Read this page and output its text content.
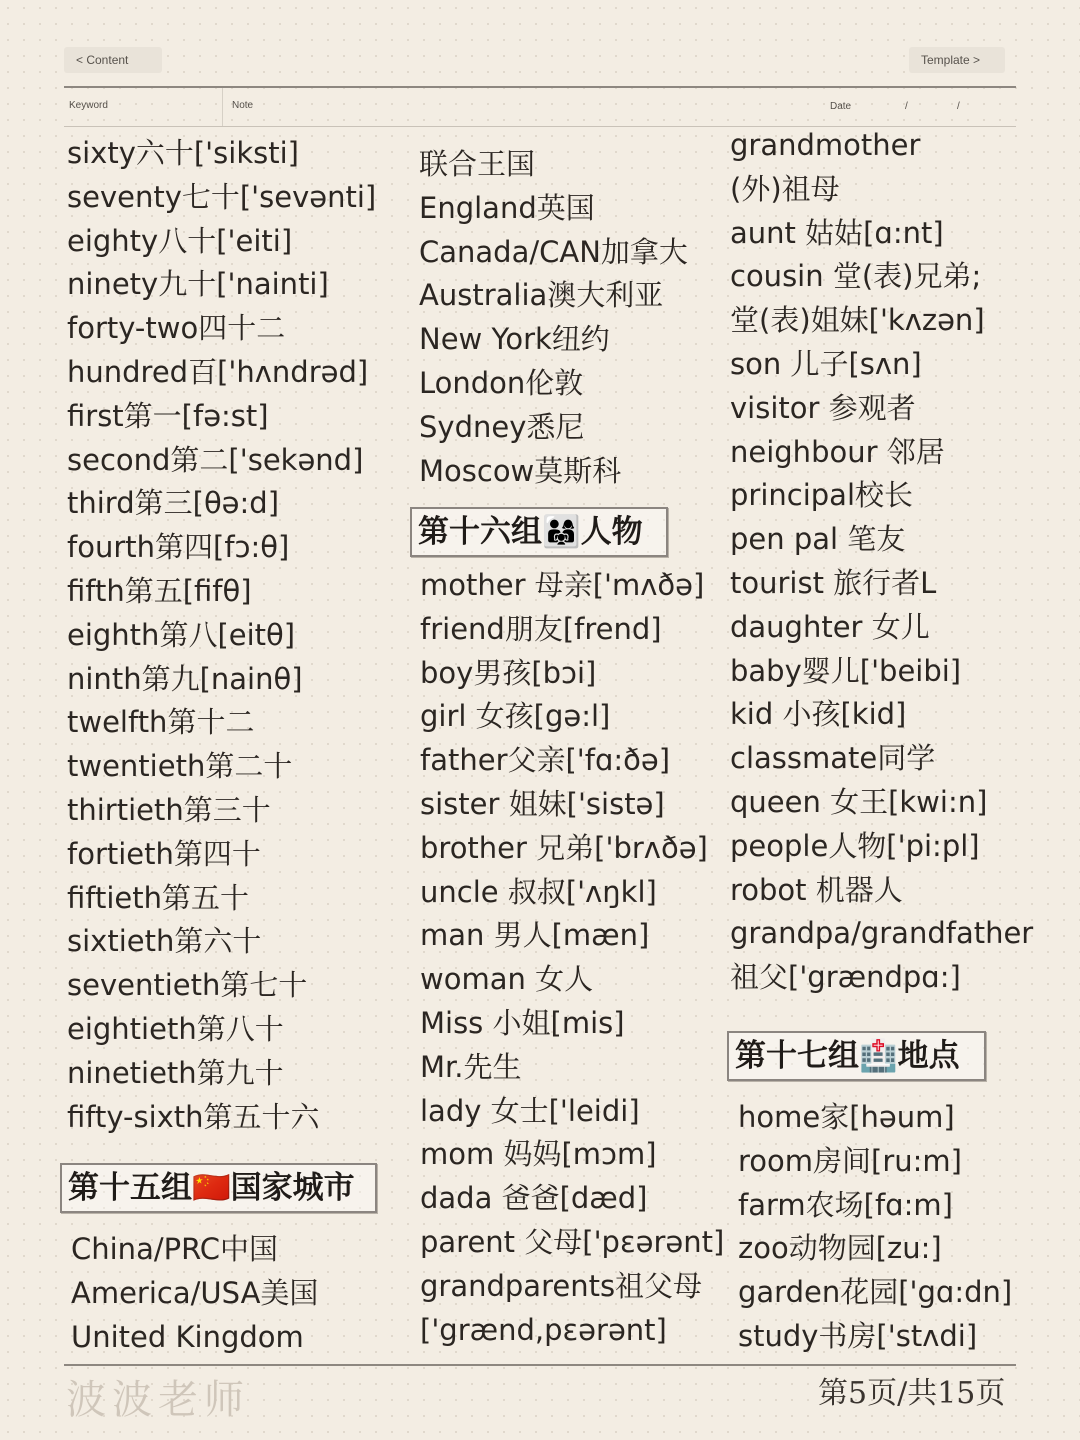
< Content	Template >
Keyword	Note	Date	/	/
sixty六十['siksti]
seventy七十['sevənti]
eighty八十['eiti]
ninety九十['nainti]
forty-two四十二
hundred百['hʌndrəd]
first第一[fə:st]
second第二['sekənd]
third第三[θə:d]
fourth第四[fɔ:θ]
fifth第五[fifθ]
eighth第八[eitθ]
ninth第九[nainθ]
twelfth第十二
twentieth第二十
thirtieth第三十
fortieth第四十
fiftieth第五十
sixtieth第六十
seventieth第七十
eightieth第八十
ninetieth第九十
fifty-sixth第五十六
第十五组🇨🇳国家城市
China/PRC中国
America/USA美国
United Kingdom
联合王国
England英国
Canada/CAN加拿大
Australia澳大利亚
New York纽约
London伦敦
Sydney悉尼
Moscow莫斯科
第十六组👨‍👩‍👧人物
mother 母亲['mʌðə]
friend朋友[frend]
boy男孩[bɔi]
girl 女孩[gə:l]
father父亲['fɑ:ðə]
sister 姐妹['sistə]
brother 兄弟['brʌðə]
uncle 叔叔['ʌŋkl]
man 男人[mæn]
woman 女人
Miss 小姐[mis]
Mr.先生
lady 女士['leidi]
mom 妈妈[mɔm]
dada 爸爸[dæd]
parent 父母['pɛərənt]
grandparents祖父母
['grænd,pɛərənt]
grandmother
(外)祖母
aunt 姑姑[ɑ:nt]
cousin 堂(表)兄弟;
堂(表)姐妹['kʌzən]
son 儿子[sʌn]
visitor 参观者
neighbour 邻居
principal校长
pen pal 笔友
tourist 旅行者L
daughter 女儿
baby婴儿['beibi]
kid 小孩[kid]
classmate同学
queen 女王[kwi:n]
people人物['pi:pl]
robot 机器人
grandpa/grandfather
祖父['grændpɑ:]
第十七组🏥地点
home家[həum]
room房间[ru:m]
farm农场[fɑ:m]
zoo动物园[zu:]
garden花园['gɑ:dn]
study书房['stʌdi]
波波老师	第5页/共15页
